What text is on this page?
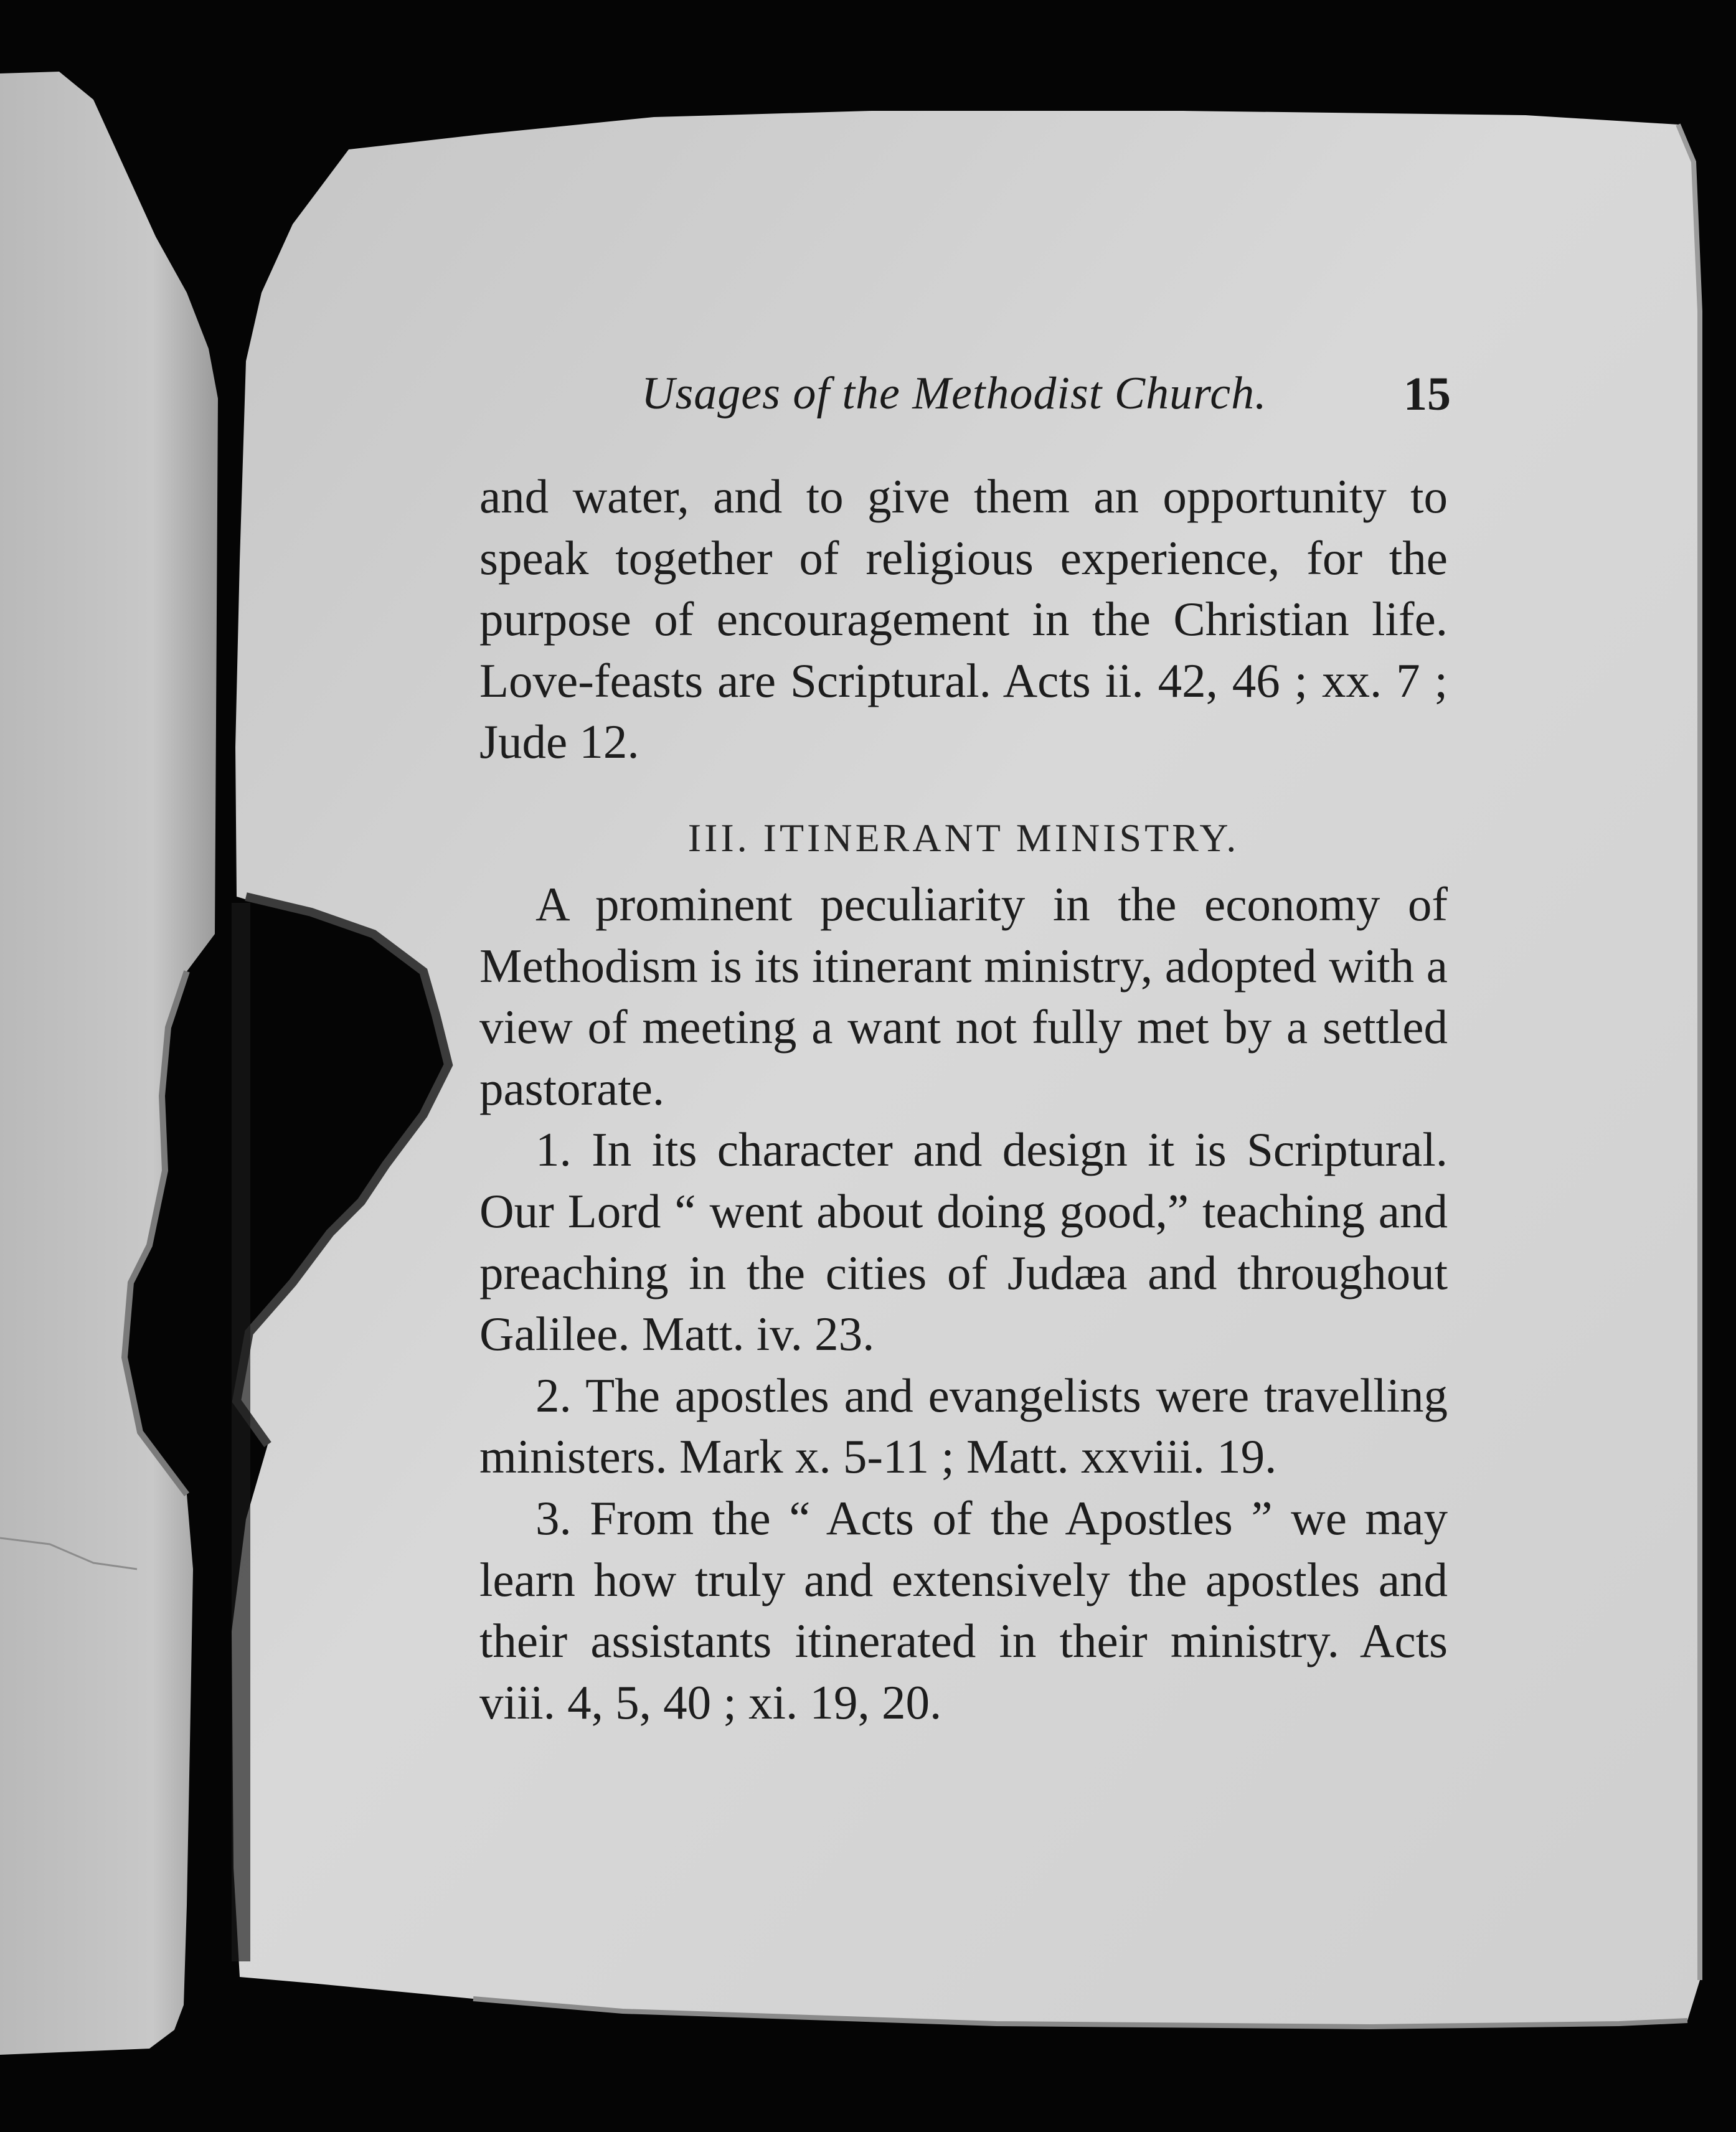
Usages of the Methodist Church.	15

and water, and to give them an opportunity to speak together of religious experience, for the purpose of encouragement in the Christian life. Love-feasts are Scriptural. Acts ii. 42, 46 ; xx. 7 ; Jude 12.

III. ITINERANT MINISTRY.

A prominent peculiarity in the economy of Methodism is its itinerant ministry, adopted with a view of meeting a want not fully met by a settled pastorate.

1. In its character and design it is Scriptural. Our Lord “ went about doing good,” teaching and preaching in the cities of Judæa and throughout Galilee. Matt. iv. 23.

2. The apostles and evangelists were travelling ministers. Mark x. 5-11 ; Matt. xxviii. 19.

3. From the “ Acts of the Apostles ” we may learn how truly and extensively the apostles and their assistants itinerated in their ministry. Acts viii. 4, 5, 40 ; xi. 19, 20.
